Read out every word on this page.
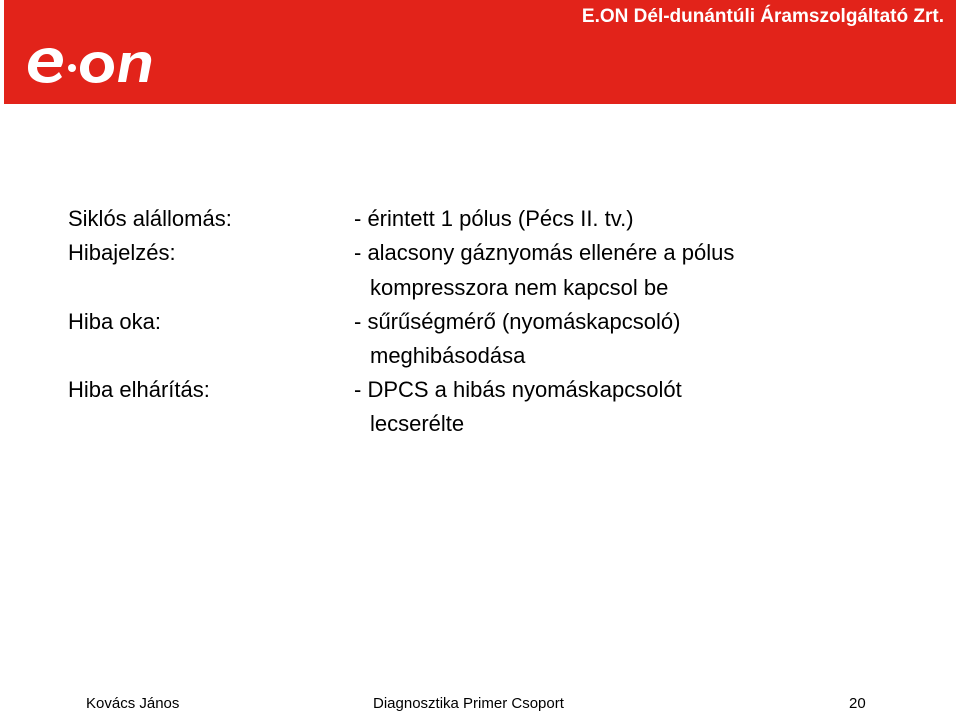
E.ON Dél-dunántúli Áramszolgáltató Zrt.
Siklós alállomás:	- érintett 1 pólus (Pécs II. tv.)
Hibajelzés:	- alacsony gáznyomás ellenére a pólus
kompresszora nem kapcsol be
Hiba oka:	- sűrűségmérő (nyomáskapcsoló)
meghibásodása
Hiba elhárítás:	- DPCS a hibás nyomáskapcsolót
lecserélte
Kovács János	Diagnosztika Primer Csoport	20
